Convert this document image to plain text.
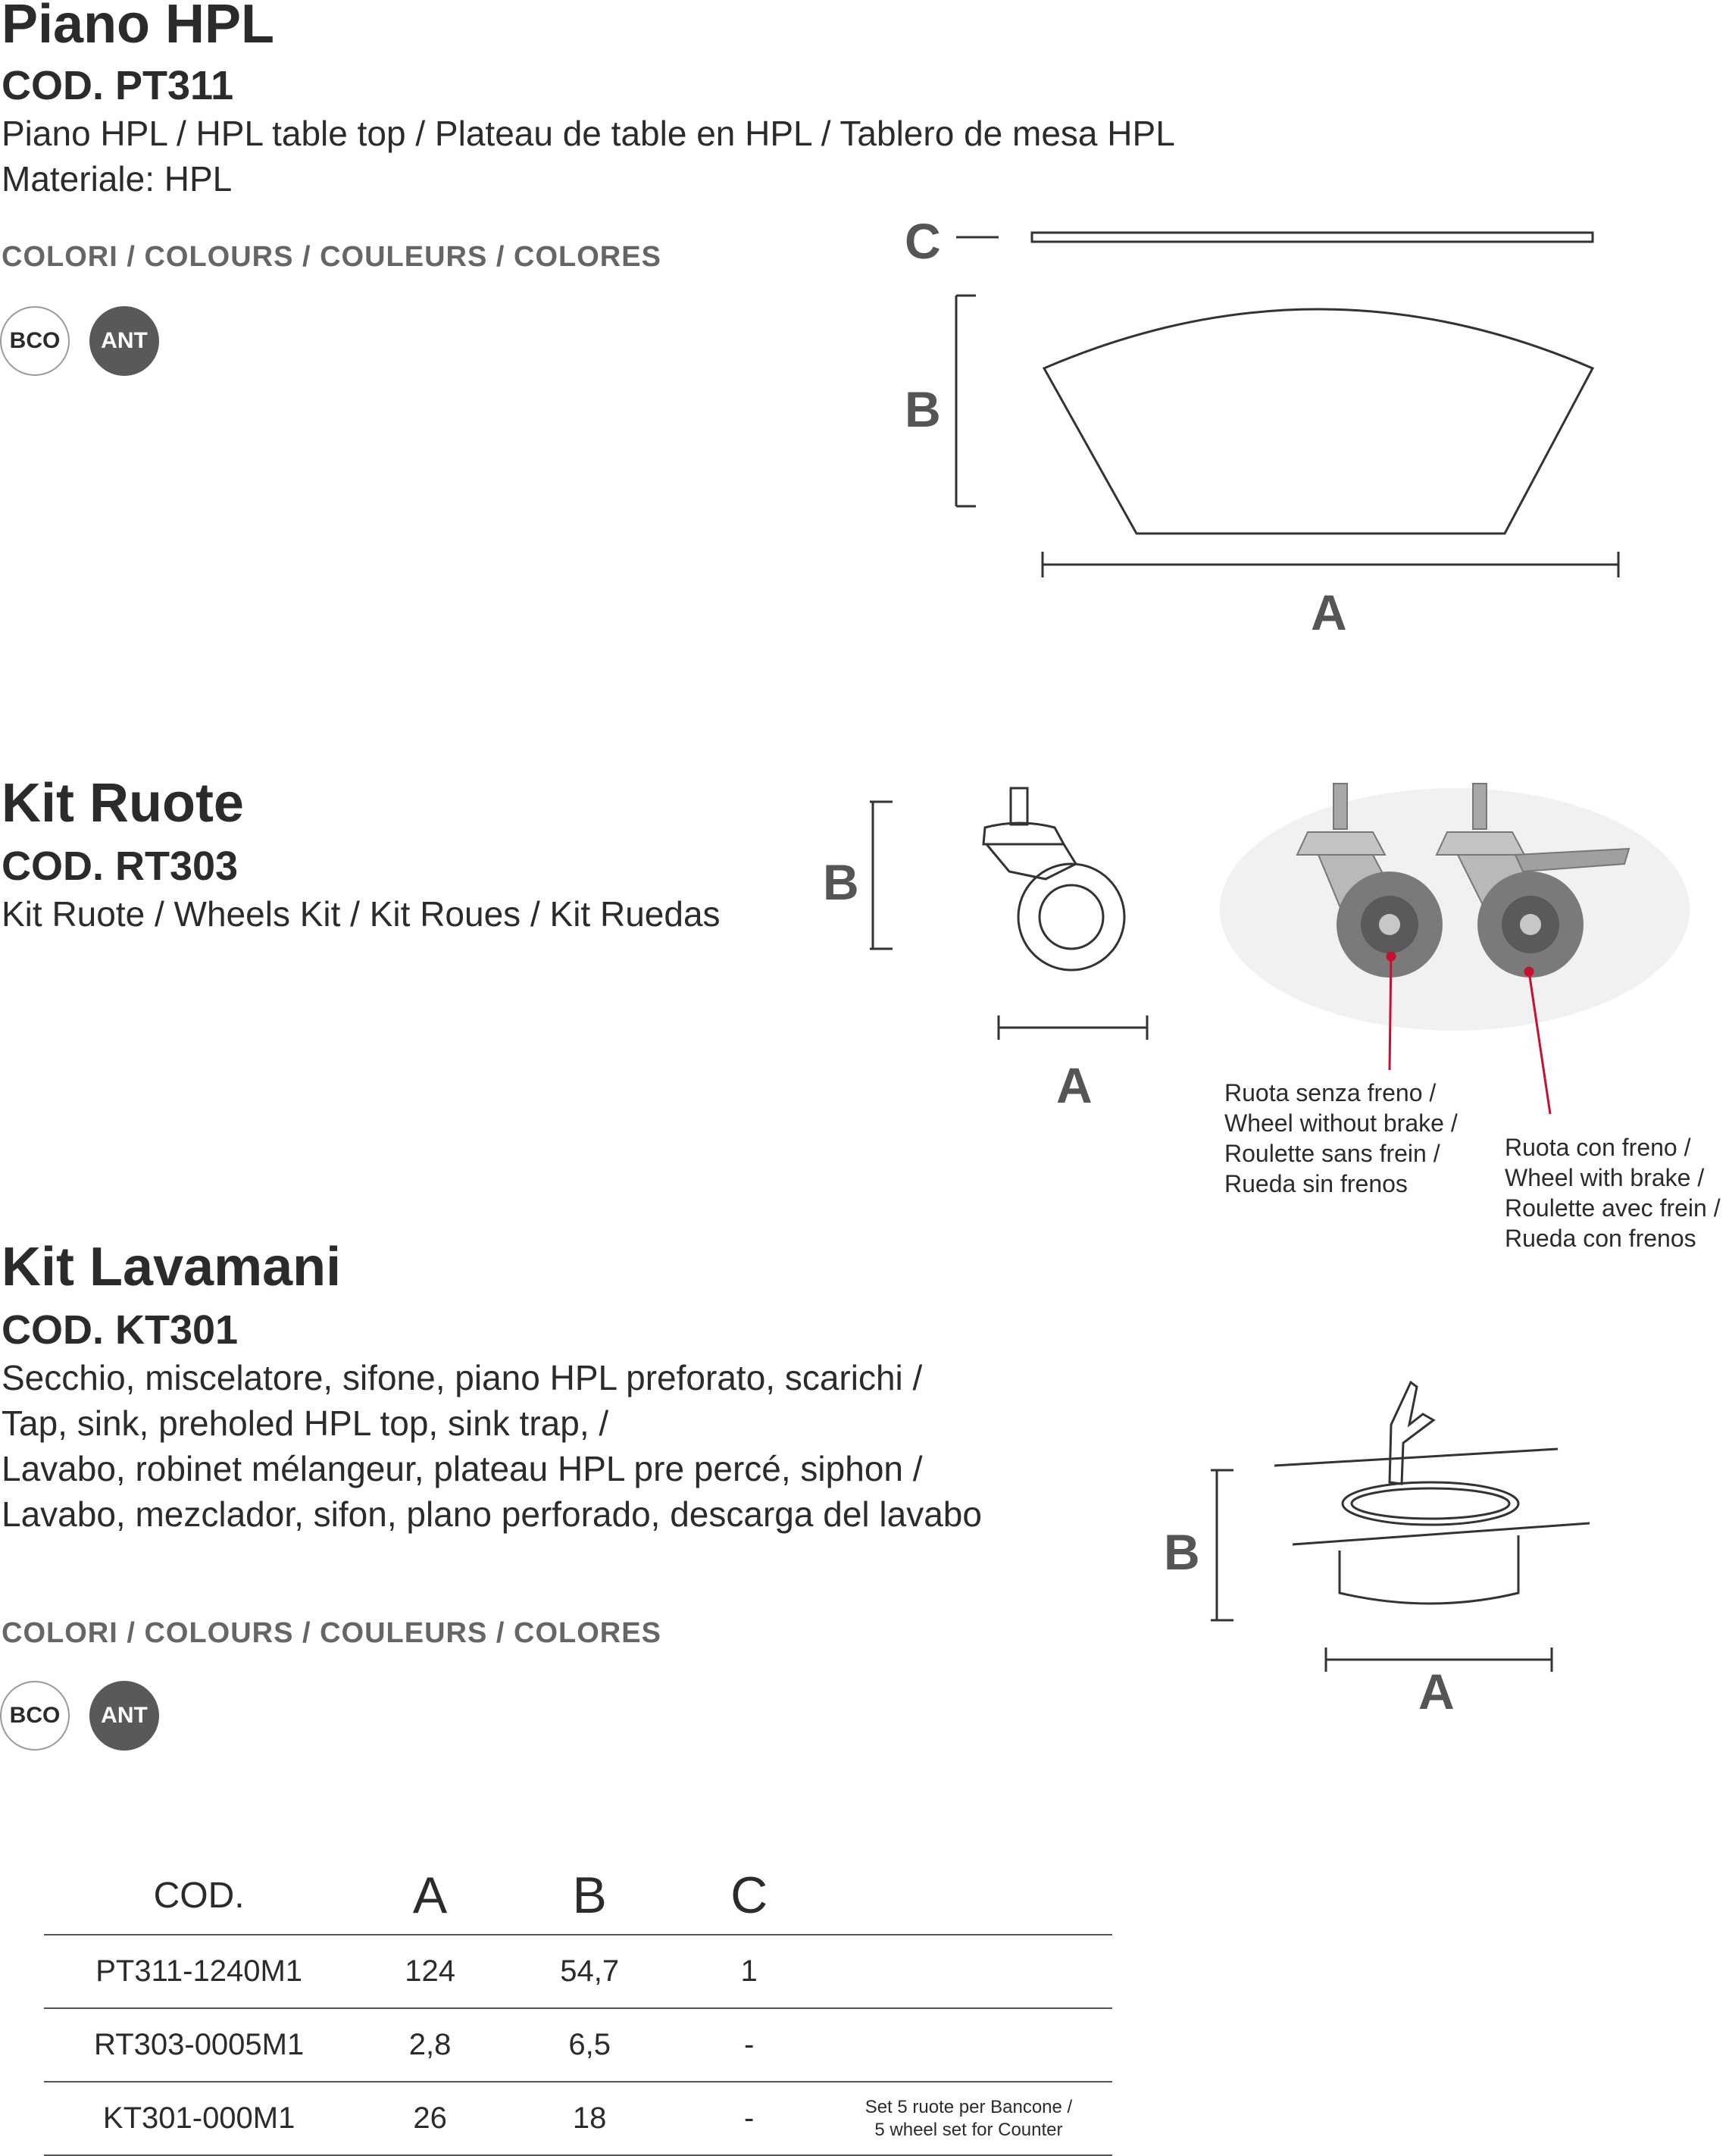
Piano HPL
COD. PT311
Piano HPL / HPL table top / Plateau de table en HPL / Tablero de mesa HPL
Materiale: HPL
COLORI / COLOURS / COULEURS / COLORES
BCO	ANT
C
B
A
Kit Ruote
COD. RT303
Kit Ruote / Wheels Kit / Kit Roues / Kit Ruedas
B
A	Ruota senza freno /
Wheel without brake /
Roulette sans frein /
Rueda sin frenos
Ruota con freno /
Wheel with brake /
Roulette avec frein /
Rueda con frenos
Kit Lavamani
COD. KT301
Secchio, miscelatore, sifone, piano HPL preforato, scarichi /
Tap, sink, preholed HPL top, sink trap, /
Lavabo, robinet mélangeur, plateau HPL pre percé, siphon /
Lavabo, mezclador, sifon, plano perforado, descarga del lavabo
COLORI / COLOURS / COULEURS / COLORES
BCO	ANT
B
A
COD.	A	B	C	
PT311-1240M1	124	54,7	1	
RT303-0005M1	2,8	6,5	-	
KT301-000M1	26	18	-	Set 5 ruote per Bancone /
5 wheel set for Counter
